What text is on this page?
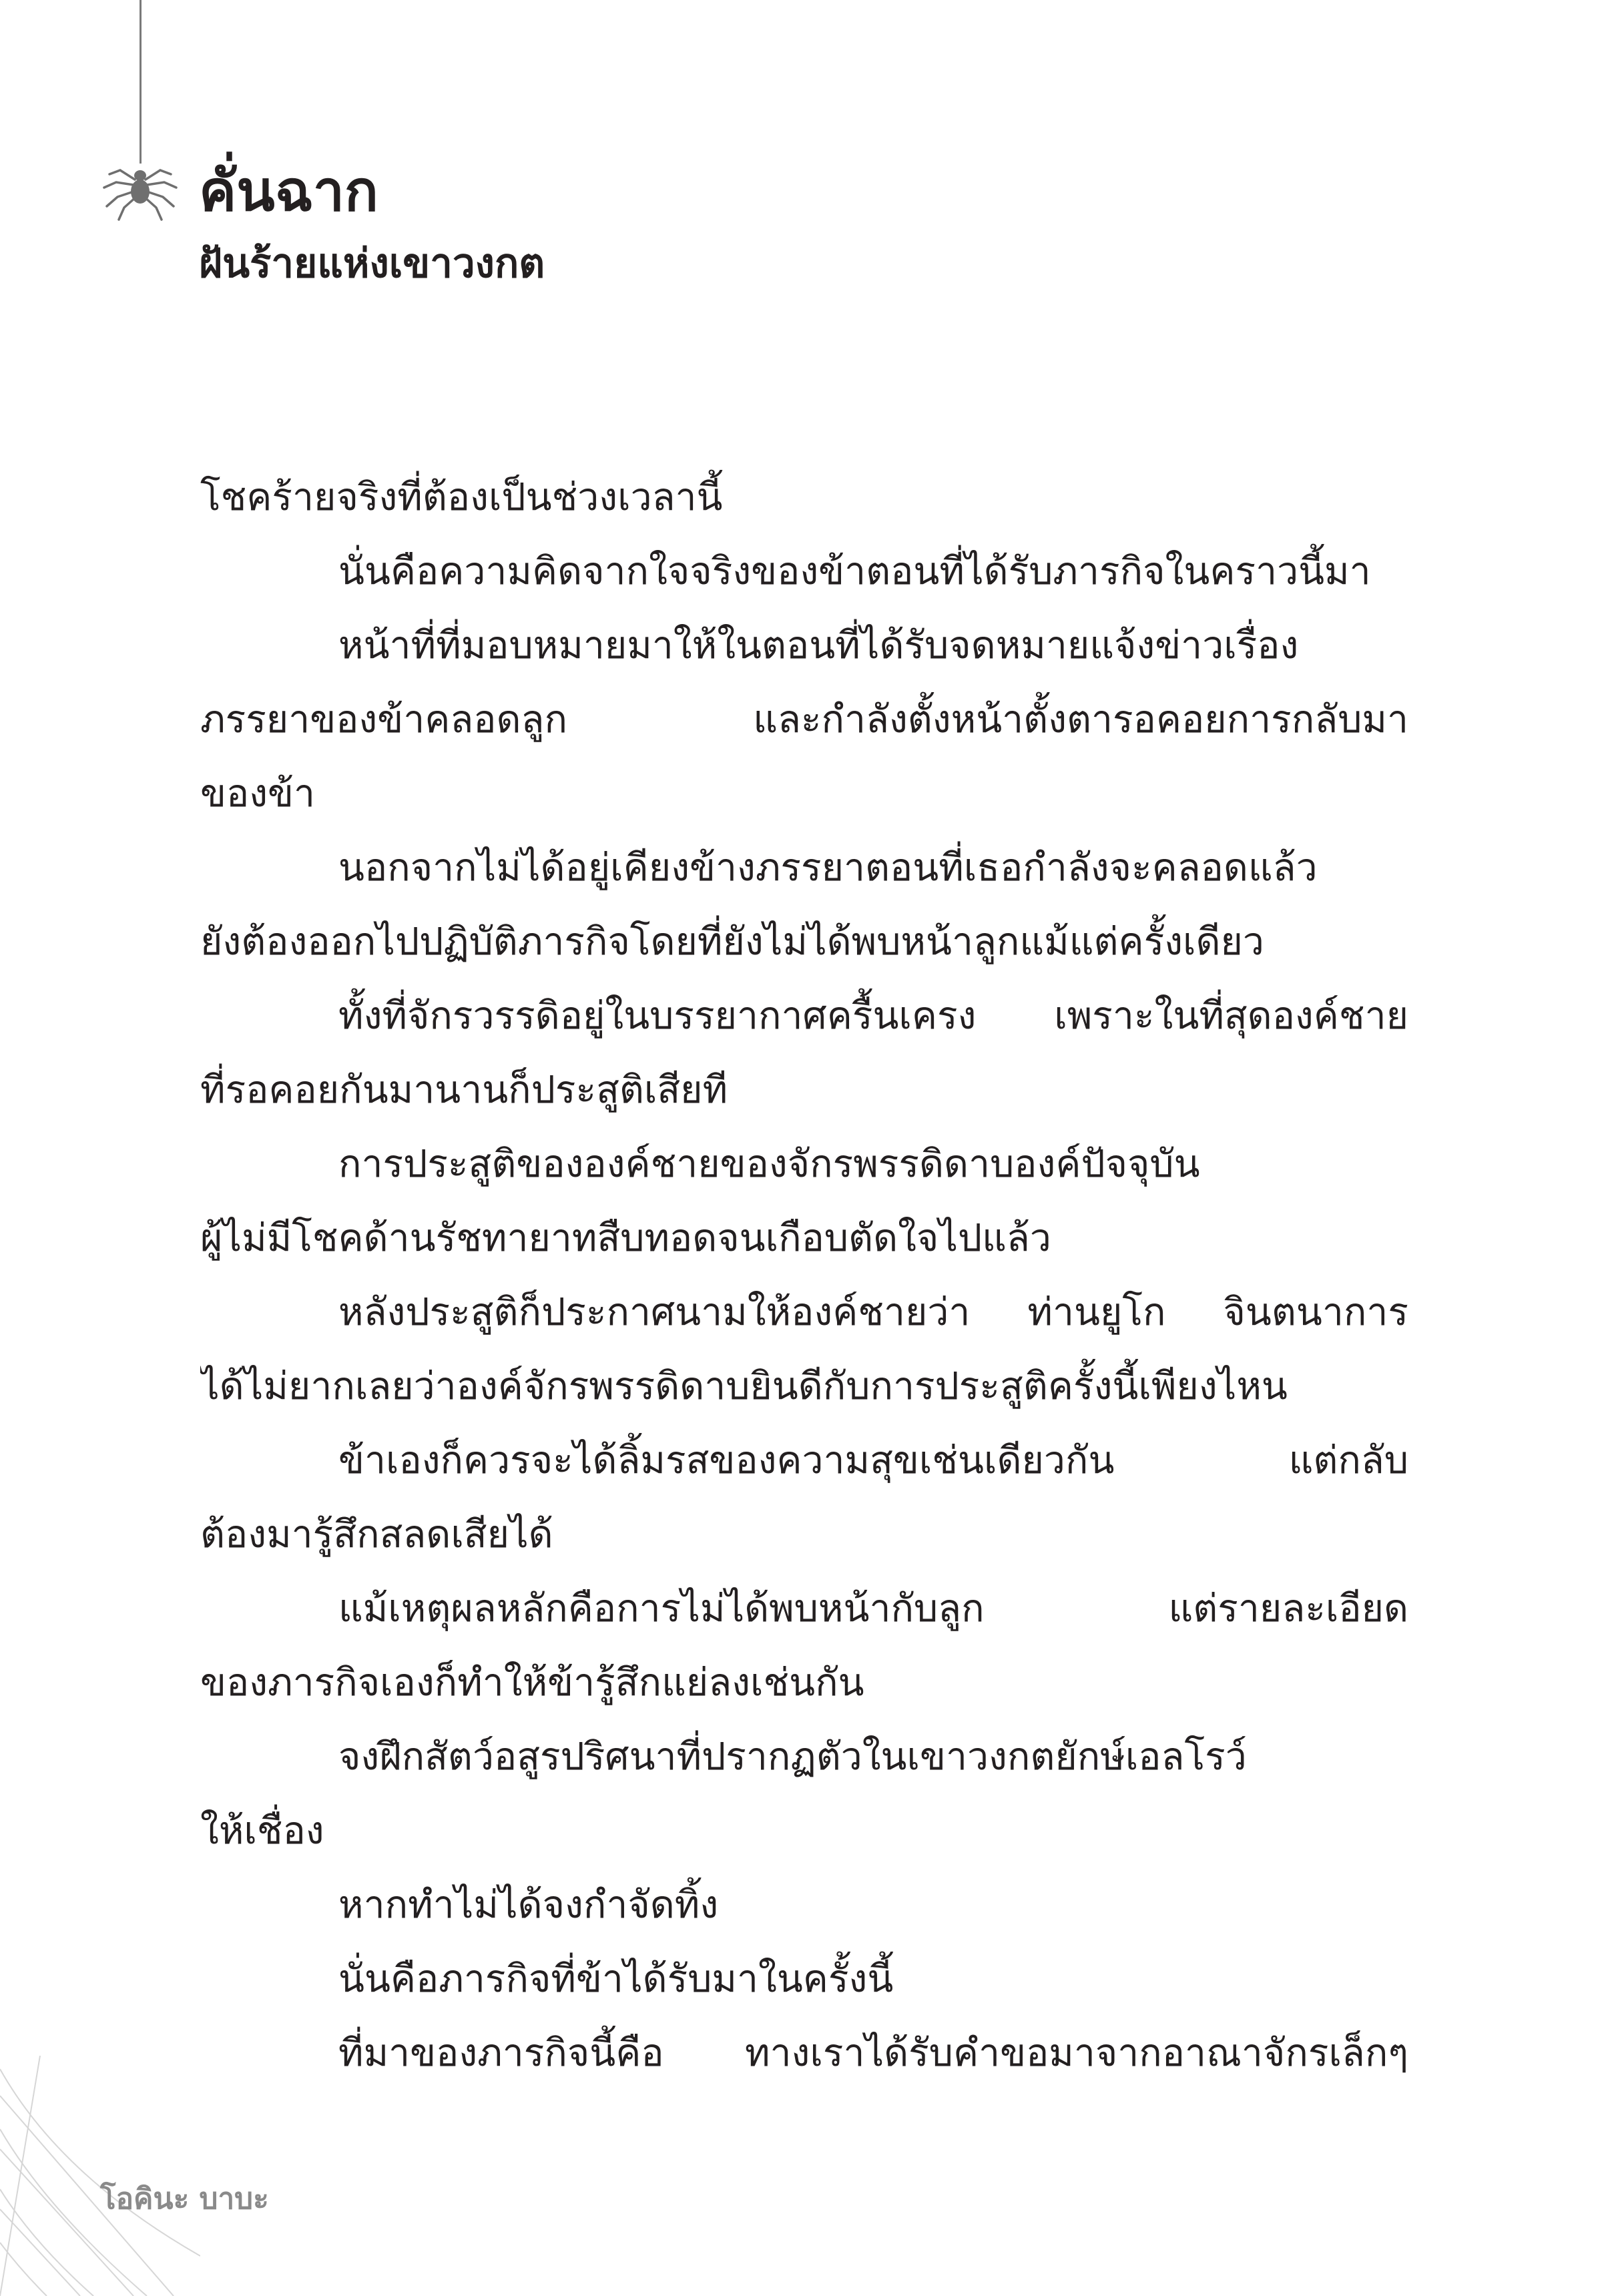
คั่นฉาก
ฝันร้ายแห่งเขาวงกต
โชคร้ายจริงที่ต้องเป็นช่วงเวลานี้
นั่นคือความคิดจากใจจริงของข้าตอนที่ได้รับภารกิจในคราวนี้มา
หน้าที่ที่มอบหมายมาให้ในตอนที่ได้รับจดหมายแจ้งข่าวเรื่อง
ภรรยาของข้าคลอดลูก และกำลังตั้งหน้าตั้งตารอคอยการกลับมา
ของข้า
นอกจากไม่ได้อยู่เคียงข้างภรรยาตอนที่เธอกำลังจะคลอดแล้ว
ยังต้องออกไปปฏิบัติภารกิจโดยที่ยังไม่ได้พบหน้าลูกแม้แต่ครั้งเดียว
ทั้งที่จักรวรรดิอยู่ในบรรยากาศครื้นเครง เพราะในที่สุดองค์ชาย
ที่รอคอยกันมานานก็ประสูติเสียที
การประสูติขององค์ชายของจักรพรรดิดาบองค์ปัจจุบัน
ผู้ไม่มีโชคด้านรัชทายาทสืบทอดจนเกือบตัดใจไปแล้ว
หลังประสูติก็ประกาศนามให้องค์ชายว่า ท่านยูโก จินตนาการ
ได้ไม่ยากเลยว่าองค์จักรพรรดิดาบยินดีกับการประสูติครั้งนี้เพียงไหน
ข้าเองก็ควรจะได้ลิ้มรสของความสุขเช่นเดียวกัน แต่กลับ
ต้องมารู้สึกสลดเสียได้
แม้เหตุผลหลักคือการไม่ได้พบหน้ากับลูก แต่รายละเอียด
ของภารกิจเองก็ทำให้ข้ารู้สึกแย่ลงเช่นกัน
จงฝึกสัตว์อสูรปริศนาที่ปรากฏตัวในเขาวงกตยักษ์เอลโรว์
ให้เชื่อง
หากทำไม่ได้จงกำจัดทิ้ง
นั่นคือภารกิจที่ข้าได้รับมาในครั้งนี้
ที่มาของภารกิจนี้คือ ทางเราได้รับคำขอมาจากอาณาจักรเล็กๆ
โอคินะ บาบะ
